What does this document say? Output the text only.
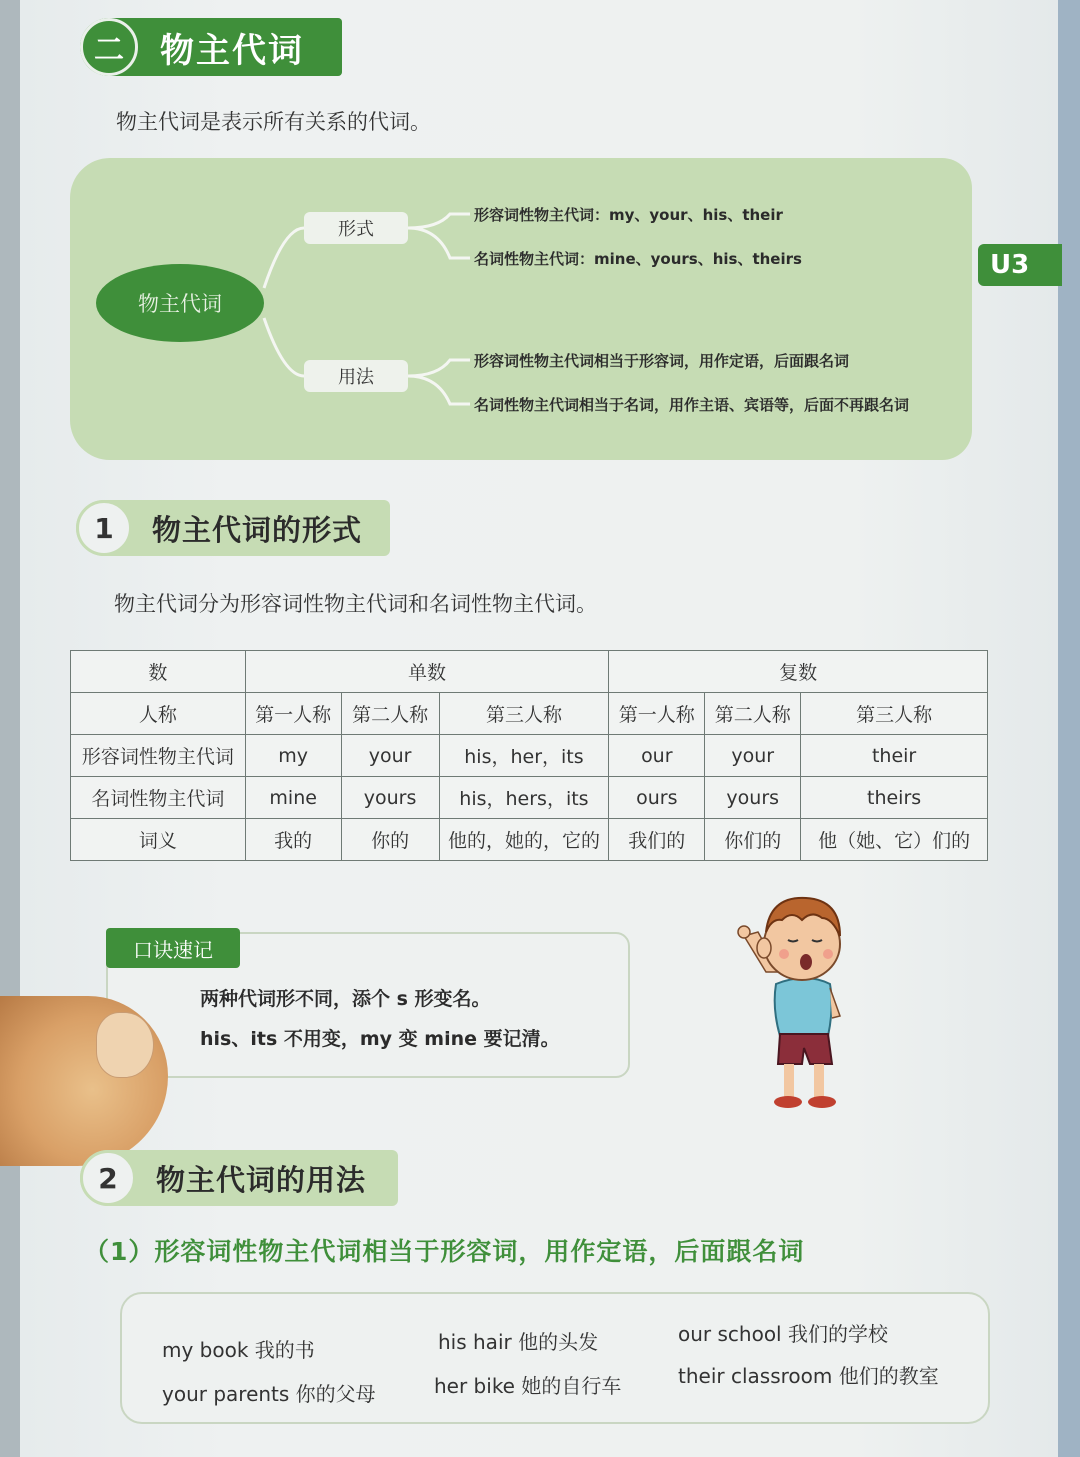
二	物主代词
物主代词是表示所有关系的代词。
物主代词
形式
用法
形容词性物主代词：my、your、his、their
名词性物主代词：mine、yours、his、theirs
形容词性物主代词相当于形容词，用作定语，后面跟名词
名词性物主代词相当于名词，用作主语、宾语等，后面不再跟名词
U3
1	物主代词的形式
物主代词分为形容词性物主代词和名词性物主代词。
数	单数			复数		
人称	第一人称	第二人称	第三人称	第一人称	第二人称	第三人称
形容词性物主代词	my	your	his，her，its	our	your	their
名词性物主代词	mine	yours	his，hers，its	ours	yours	theirs
词义	我的	你的	他的，她的，它的	我们的	你们的	他（她、它）们的
口诀速记
两种代词形不同，添个 s 形变名。
his、its 不用变，my 变 mine 要记清。
2	物主代词的用法
（1）形容词性物主代词相当于形容词，用作定语，后面跟名词
my book 我的书
your parents 你的父母
his hair 他的头发
her bike 她的自行车
our school 我们的学校
their classroom 他们的教室
